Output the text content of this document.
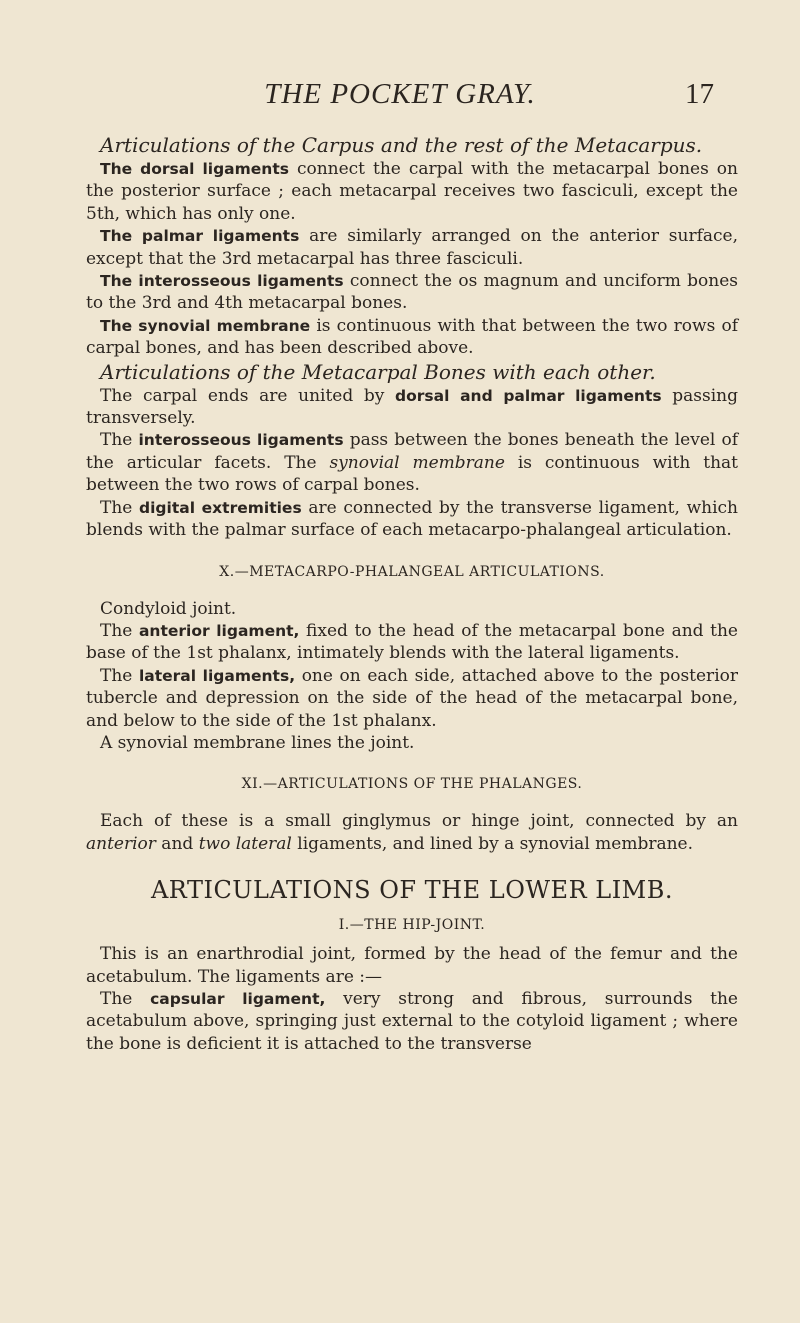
THE POCKET GRAY.	17

Articulations of the Carpus and the rest of the Metacarpus.

The dorsal ligaments connect the carpal with the metacarpal bones on the posterior surface ; each metacarpal receives two fasciculi, except the 5th, which has only one.

The palmar ligaments are similarly arranged on the anterior surface, except that the 3rd metacarpal has three fasciculi.

The interosseous ligaments connect the os magnum and unciform bones to the 3rd and 4th metacarpal bones.

The synovial membrane is continuous with that between the two rows of carpal bones, and has been described above.

Articulations of the Metacarpal Bones with each other.

The carpal ends are united by dorsal and palmar ligaments passing transversely.

The interosseous ligaments pass between the bones beneath the level of the articular facets. The synovial membrane is continuous with that between the two rows of carpal bones.

The digital extremities are connected by the transverse ligament, which blends with the palmar surface of each metacarpo-phalangeal articulation.

X.—METACARPO-PHALANGEAL ARTICULATIONS.

Condyloid joint.

The anterior ligament, fixed to the head of the metacarpal bone and the base of the 1st phalanx, intimately blends with the lateral ligaments.

The lateral ligaments, one on each side, attached above to the posterior tubercle and depression on the side of the head of the metacarpal bone, and below to the side of the 1st phalanx.

A synovial membrane lines the joint.

XI.—ARTICULATIONS OF THE PHALANGES.

Each of these is a small ginglymus or hinge joint, connected by an anterior and two lateral ligaments, and lined by a synovial membrane.

ARTICULATIONS OF THE LOWER LIMB.
I.—THE HIP-JOINT.

This is an enarthrodial joint, formed by the head of the femur and the acetabulum. The ligaments are :—

The capsular ligament, very strong and fibrous, surrounds the acetabulum above, springing just external to the cotyloid ligament ; where the bone is deficient it is attached to the transverse
